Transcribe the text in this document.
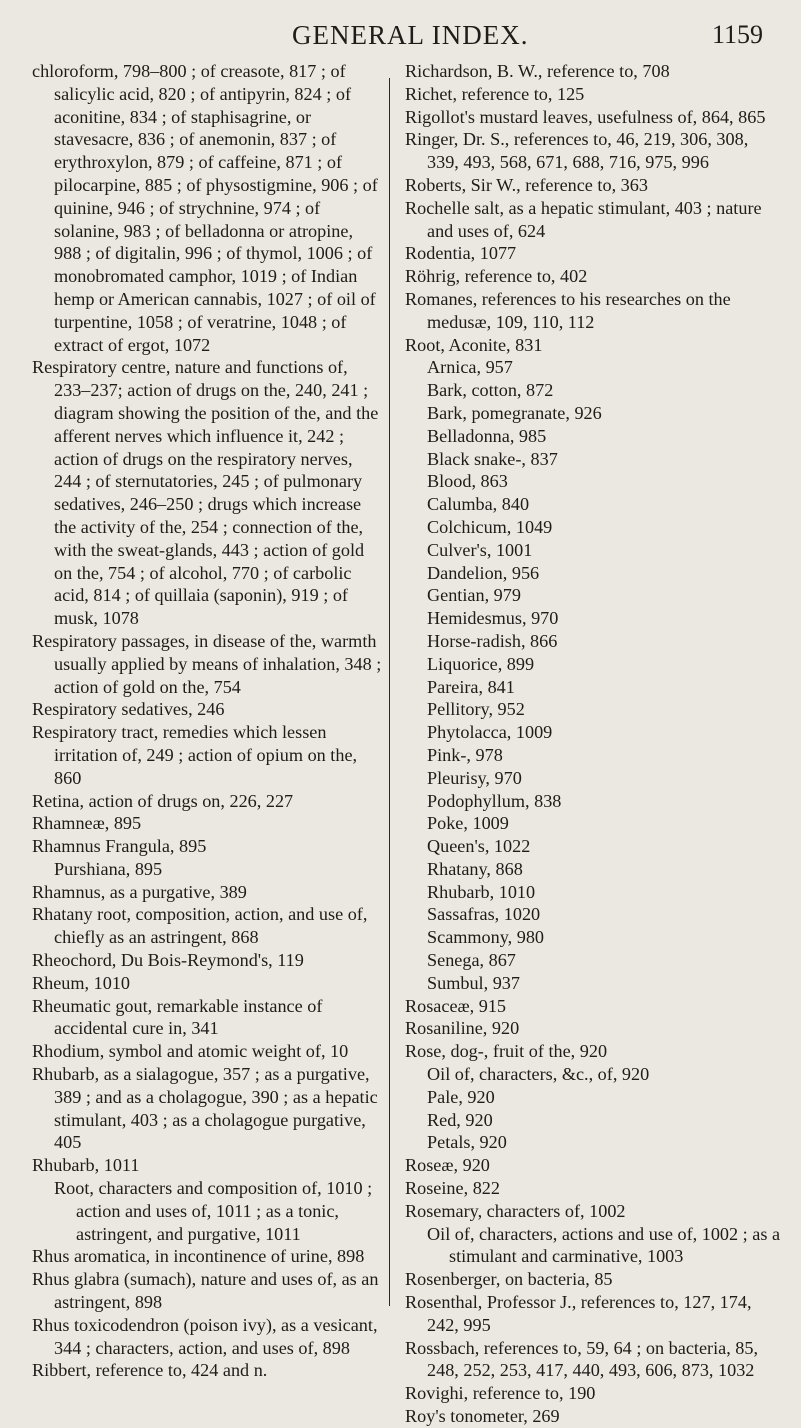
GENERAL INDEX.	1159
chloroform, 798–800 ; of creasote, 817 ; of salicylic acid, 820 ; of antipyrin, 824 ; of aconitine, 834 ; of staphisagrine, or stavesacre, 836 ; of anemonin, 837 ; of erythroxylon, 879 ; of caffeine, 871 ; of pilocarpine, 885 ; of physostigmine, 906 ; of quinine, 946 ; of strychnine, 974 ; of solanine, 983 ; of belladonna or atropine, 988 ; of digitalin, 996 ; of thymol, 1006 ; of monobromated camphor, 1019 ; of Indian hemp or American cannabis, 1027 ; of oil of turpentine, 1058 ; of veratrine, 1048 ; of extract of ergot, 1072
Respiratory centre, nature and functions of, 233–237; action of drugs on the, 240, 241 ; diagram showing the position of the, and the afferent nerves which influence it, 242 ; action of drugs on the respiratory nerves, 244 ; of sternutatories, 245 ; of pulmonary sedatives, 246–250 ; drugs which increase the activity of the, 254 ; connection of the, with the sweat-glands, 443 ; action of gold on the, 754 ; of alcohol, 770 ; of carbolic acid, 814 ; of quillaia (saponin), 919 ; of musk, 1078
Respiratory passages, in disease of the, warmth usually applied by means of inhalation, 348 ; action of gold on the, 754
Respiratory sedatives, 246
Respiratory tract, remedies which lessen irritation of, 249 ; action of opium on the, 860
Retina, action of drugs on, 226, 227
Rhamneæ, 895
Rhamnus Frangula, 895
Purshiana, 895
Rhamnus, as a purgative, 389
Rhatany root, composition, action, and use of, chiefly as an astringent, 868
Rheochord, Du Bois-Reymond's, 119
Rheum, 1010
Rheumatic gout, remarkable instance of accidental cure in, 341
Rhodium, symbol and atomic weight of, 10
Rhubarb, as a sialagogue, 357 ; as a purgative, 389 ; and as a cholagogue, 390 ; as a hepatic stimulant, 403 ; as a cholagogue purgative, 405
Rhubarb, 1011
Root, characters and composition of, 1010 ; action and uses of, 1011 ; as a tonic, astringent, and purgative, 1011
Rhus aromatica, in incontinence of urine, 898
Rhus glabra (sumach), nature and uses of, as an astringent, 898
Rhus toxicodendron (poison ivy), as a vesicant, 344 ; characters, action, and uses of, 898
Ribbert, reference to, 424 and n.
Richardson, B. W., reference to, 708
Richet, reference to, 125
Rigollot's mustard leaves, usefulness of, 864, 865
Ringer, Dr. S., references to, 46, 219, 306, 308, 339, 493, 568, 671, 688, 716, 975, 996
Roberts, Sir W., reference to, 363
Rochelle salt, as a hepatic stimulant, 403 ; nature and uses of, 624
Rodentia, 1077
Röhrig, reference to, 402
Romanes, references to his researches on the medusæ, 109, 110, 112
Root, Aconite, 831
Arnica, 957
Bark, cotton, 872
Bark, pomegranate, 926
Belladonna, 985
Black snake-, 837
Blood, 863
Calumba, 840
Colchicum, 1049
Culver's, 1001
Dandelion, 956
Gentian, 979
Hemidesmus, 970
Horse-radish, 866
Liquorice, 899
Pareira, 841
Pellitory, 952
Phytolacca, 1009
Pink-, 978
Pleurisy, 970
Podophyllum, 838
Poke, 1009
Queen's, 1022
Rhatany, 868
Rhubarb, 1010
Sassafras, 1020
Scammony, 980
Senega, 867
Sumbul, 937
Rosaceæ, 915
Rosaniline, 920
Rose, dog-, fruit of the, 920
Oil of, characters, &c., of, 920
Pale, 920
Red, 920
Petals, 920
Roseæ, 920
Roseine, 822
Rosemary, characters of, 1002
Oil of, characters, actions and use of, 1002 ; as a stimulant and carminative, 1003
Rosenberger, on bacteria, 85
Rosenthal, Professor J., references to, 127, 174, 242, 995
Rossbach, references to, 59, 64 ; on bacteria, 85, 248, 252, 253, 417, 440, 493, 606, 873, 1032
Rovighi, reference to, 190
Roy's tonometer, 269
